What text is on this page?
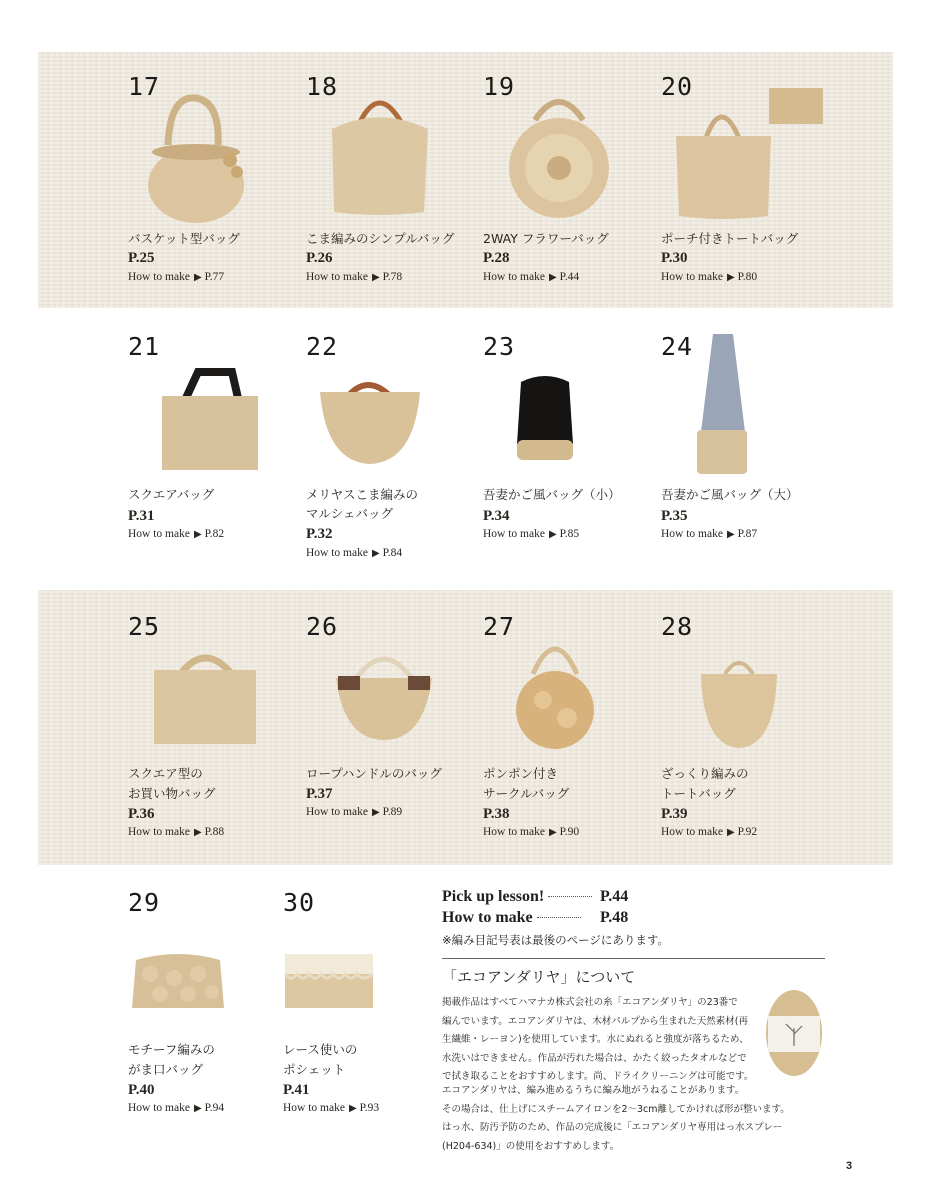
17
バスケット型バッグ
P.25
How to make ▶ P.77
18
こま編みのシンプルバッグ
P.26
How to make ▶ P.78
19
2WAY フラワーバッグ
P.28
How to make ▶ P.44
20
ポーチ付きトートバッグ
P.30
How to make ▶ P.80
21
スクエアバッグ
P.31
How to make ▶ P.82
22
メリヤスこま編みの
マルシェバッグ
P.32
How to make ▶ P.84
23
吾妻かご風バッグ（小）
P.34
How to make ▶ P.85
24
吾妻かご風バッグ（大）
P.35
How to make ▶ P.87
25
スクエア型の
お買い物バッグ
P.36
How to make ▶ P.88
26
ロープハンドルのバッグ
P.37
How to make ▶ P.89
27
ポンポン付き
サークルバッグ
P.38
How to make ▶ P.90
28
ざっくり編みの
トートバッグ
P.39
How to make ▶ P.92
29
モチーフ編みの
がま口バッグ
P.40
How to make ▶ P.94
30
レース使いの
ポシェット
P.41
How to make ▶ P.93
Pick up lesson!	P.44
How to make	P.48
※編み目記号表は最後のページにあります。
「エコアンダリヤ」について
掲載作品はすべてハマナカ株式会社の糸「エコアンダリヤ」の23番で
編んでいます。エコアンダリヤは、木材パルプから生まれた天然素材(再
生繊維・レーヨン)を使用しています。水にぬれると強度が落ちるため、
水洗いはできません。作品が汚れた場合は、かたく絞ったタオルなどで
で拭き取ることをおすすめします。尚、ドライクリーニングは可能です。
エコアンダリヤは、編み進めるうちに編み地がうねることがあります。
その場合は、仕上げにスチームアイロンを2〜3cm離してかければ形が整います。
はっ水、防汚予防のため、作品の完成後に「エコアンダリヤ専用はっ水スプレー
(H204-634)」の使用をおすすめします。
3
